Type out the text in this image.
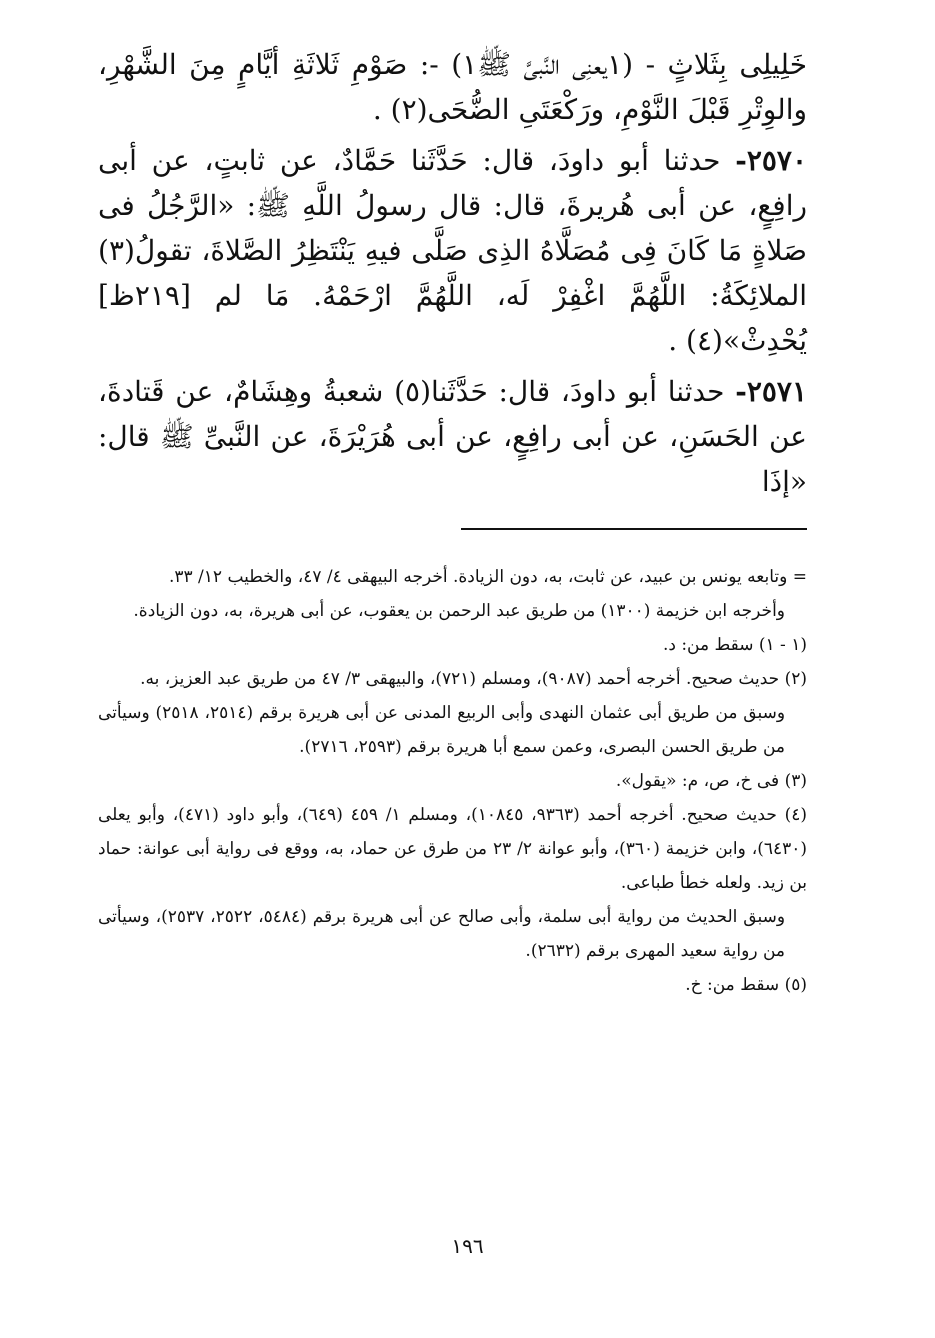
خَلِيلِى بِثَلاثٍ - (١يعنِى النَّبىَّ ﷺ١) -: صَوْمِ ثَلاثَةِ أيَّامٍ مِنَ الشَّهْرِ، والوِتْرِ قَبْلَ النَّوْمِ، ورَكْعَتَىِ الضُّحَى(٢) .

٢٥٧٠- حدثنا أبو داودَ، قال: حَدَّثَنا حَمَّادٌ، عن ثابتٍ، عن أبى رافِعٍ، عن أبى هُريرةَ، قال: قال رسولُ اللَّهِ ﷺ: «الرَّجُلُ فى صَلاةٍ مَا كَانَ فِى مُصَلَّاهُ الذِى صَلَّى فيهِ يَنْتَظِرُ الصَّلاةَ، تقولُ(٣) الملائِكَةُ: اللَّهُمَّ اغْفِرْ لَه، اللَّهُمَّ ارْحَمْهُ. مَا لم [٢١٩ظ] يُحْدِثْ»(٤) .

٢٥٧١- حدثنا أبو داودَ، قال: حَدَّثَنا(٥) شعبةُ وهِشَامٌ، عن قَتادةَ، عن الحَسَنِ، عن أبى رافِعٍ، عن أبى هُرَيْرَةَ، عن النَّبىِّ ﷺ قال: «إذَا

= وتابعه يونس بن عبيد، عن ثابت، به، دون الزيادة. أخرجه البيهقى ٤/ ٤٧، والخطيب ١٢/ ٣٣.

وأخرجه ابن خزيمة (١٣٠٠) من طريق عبد الرحمن بن يعقوب، عن أبى هريرة، به، دون الزيادة.

(١ - ١) سقط من: د.

(٢) حديث صحيح. أخرجه أحمد (٩٠٨٧)، ومسلم (٧٢١)، والبيهقى ٣/ ٤٧ من طريق عبد العزيز، به.

وسبق من طريق أبى عثمان النهدى وأبى الربيع المدنى عن أبى هريرة برقم (٢٥١٤، ٢٥١٨) وسيأتى من طريق الحسن البصرى، وعمن سمع أبا هريرة برقم (٢٥٩٣، ٢٧١٦).

(٣) فى خ، ص، م: «يقول».

(٤) حديث صحيح. أخرجه أحمد (٩٣٦٣، ١٠٨٤٥)، ومسلم ١/ ٤٥٩ (٦٤٩)، وأبو داود (٤٧١)، وأبو يعلى (٦٤٣٠)، وابن خزيمة (٣٦٠)، وأبو عوانة ٢/ ٢٣ من طرق عن حماد، به، ووقع فى رواية أبى عوانة: حماد بن زيد. ولعله خطأ طباعى.

وسبق الحديث من رواية أبى سلمة، وأبى صالح عن أبى هريرة برقم (٥٤٨٤، ٢٥٢٢، ٢٥٣٧)، وسيأتى من رواية سعيد المهرى برقم (٢٦٣٢).

(٥) سقط من: خ.

١٩٦
